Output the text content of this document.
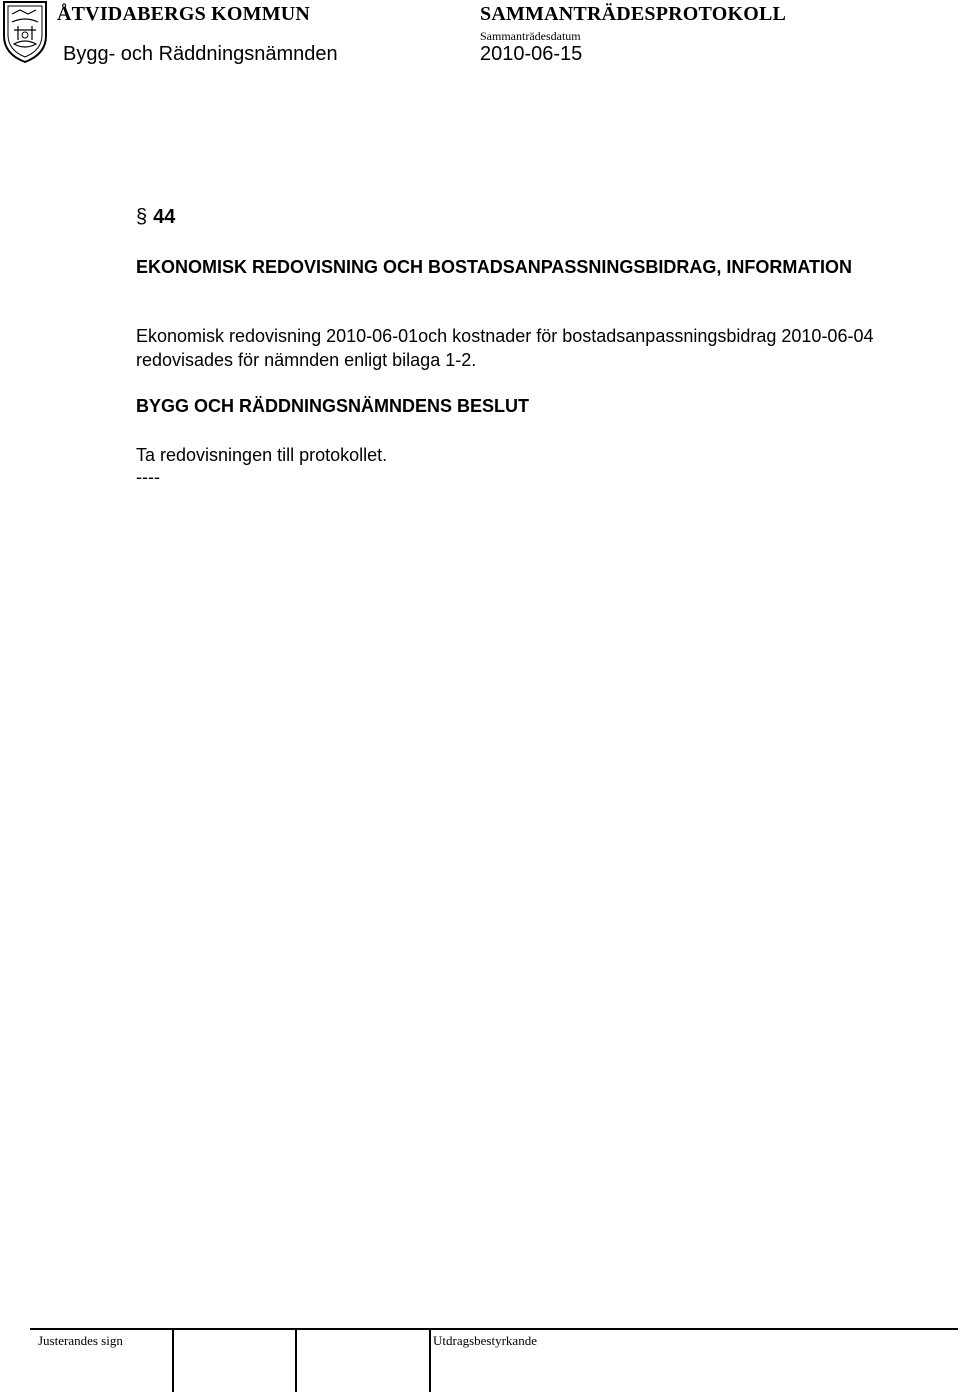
ÅTVIDABERGS KOMMUN
Bygg- och Räddningsnämnden
SAMMANTRÄDESPROTOKOLL
Sammanträdesdatum
2010-06-15
§ 44
EKONOMISK REDOVISNING OCH BOSTADSANPASSNINGSBIDRAG, INFORMATION
Ekonomisk redovisning 2010-06-01och kostnader för bostadsanpassningsbidrag 2010-06-04 redovisades för nämnden enligt bilaga 1-2.
BYGG OCH RÄDDNINGSNÄMNDENS BESLUT
Ta redovisningen till protokollet.
----
Justerandes sign	Utdragsbestyrkande
